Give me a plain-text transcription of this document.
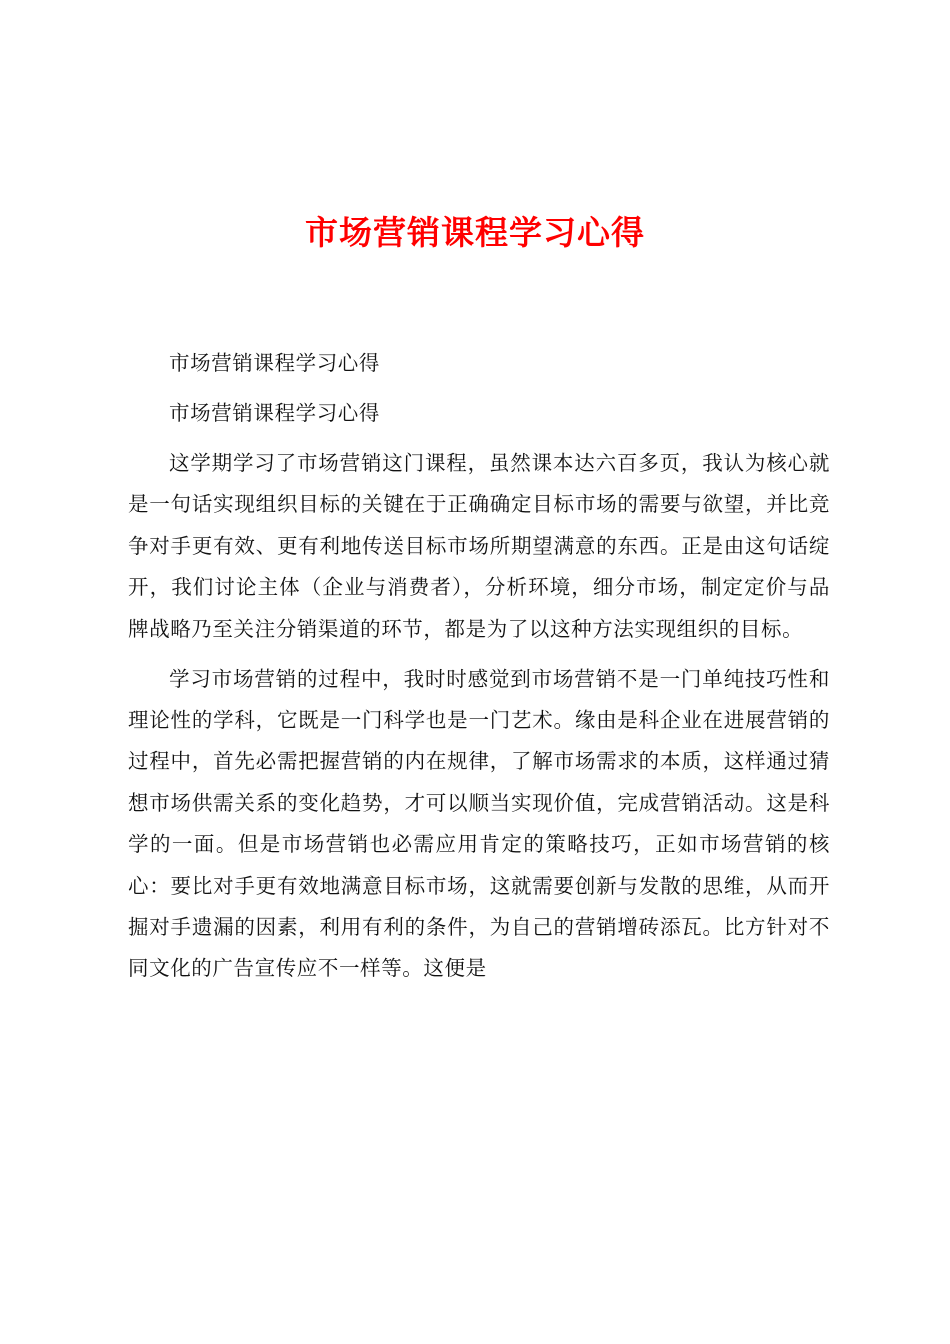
市场营销课程学习心得

市场营销课程学习心得

市场营销课程学习心得

这学期学习了市场营销这门课程，虽然课本达六百多页，我认为核心就是一句话实现组织目标的关键在于正确确定目标市场的需要与欲望，并比竞争对手更有效、更有利地传送目标市场所期望满意的东西。正是由这句话绽开，我们讨论主体（企业与消费者），分析环境，细分市场，制定定价与品牌战略乃至关注分销渠道的环节，都是为了以这种方法实现组织的目标。

学习市场营销的过程中，我时时感觉到市场营销不是一门单纯技巧性和理论性的学科，它既是一门科学也是一门艺术。缘由是科企业在进展营销的过程中，首先必需把握营销的内在规律，了解市场需求的本质，这样通过猜想市场供需关系的变化趋势，才可以顺当实现价值，完成营销活动。这是科学的一面。但是市场营销也必需应用肯定的策略技巧，正如市场营销的核心：要比对手更有效地满意目标市场，这就需要创新与发散的思维，从而开掘对手遗漏的因素，利用有利的条件，为自己的营销增砖添瓦。比方针对不同文化的广告宣传应不一样等。这便是
